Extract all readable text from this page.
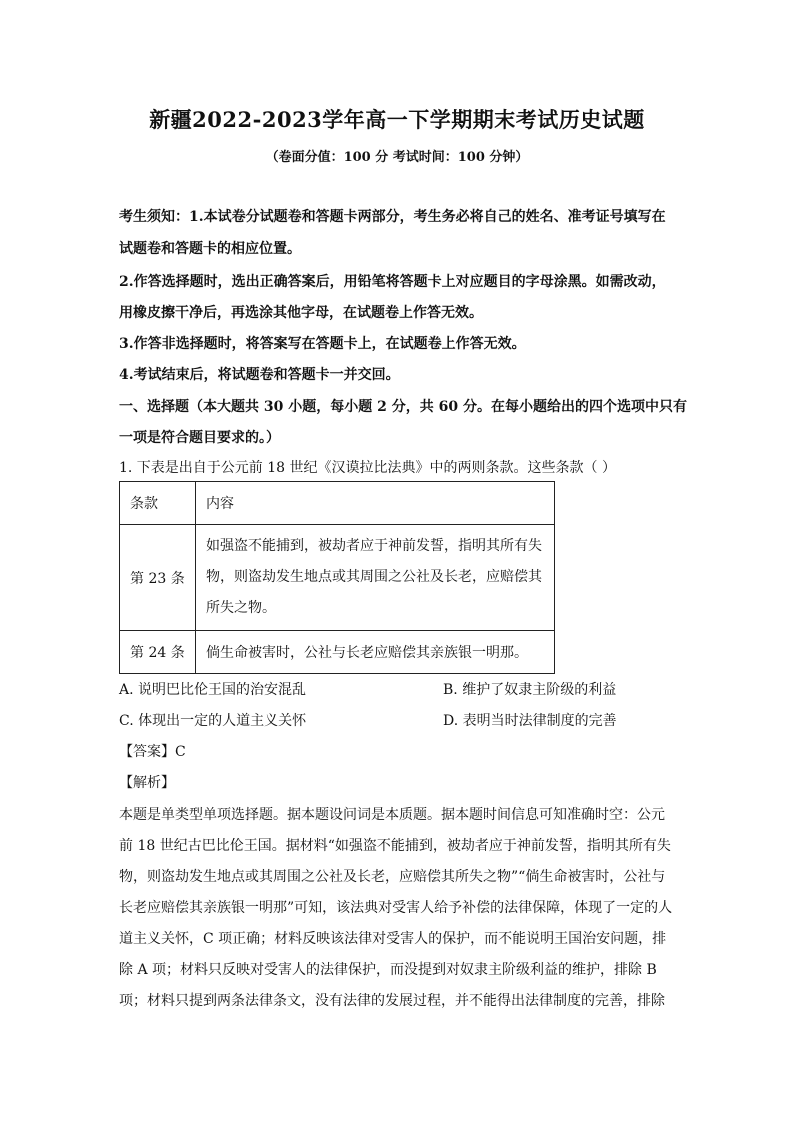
新疆2022-2023学年高一下学期期末考试历史试题
（卷面分值：100 分 考试时间：100 分钟）
考生须知：1.本试卷分试题卷和答题卡两部分，考生务必将自己的姓名、准考证号填写在
试题卷和答题卡的相应位置。
2.作答选择题时，选出正确答案后，用铅笔将答题卡上对应题目的字母涂黑。如需改动，
用橡皮擦干净后，再选涂其他字母，在试题卷上作答无效。
3.作答非选择题时，将答案写在答题卡上，在试题卷上作答无效。
4.考试结束后，将试题卷和答题卡一并交回。
一、选择题（本大题共 30 小题，每小题 2 分，共 60 分。在每小题给出的四个选项中只有
一项是符合题目要求的。）
1. 下表是出自于公元前 18 世纪《汉谟拉比法典》中的两则条款。这些条款（ ）
条款	内容
第 23 条	如强盗不能捕到，被劫者应于神前发誓，指明其所有失
物，则盗劫发生地点或其周围之公社及长老，应赔偿其
所失之物。

第 24 条	倘生命被害时，公社与长老应赔偿其亲族银一明那。
A. 说明巴比伦王国的治安混乱	B. 维护了奴隶主阶级的利益
C. 体现出一定的人道主义关怀	D. 表明当时法律制度的完善
【答案】C
【解析】
本题是单类型单项选择题。据本题设问词是本质题。据本题时间信息可知准确时空：公元
前 18 世纪古巴比伦王国。据材料“如强盗不能捕到，被劫者应于神前发誓，指明其所有失
物，则盗劫发生地点或其周围之公社及长老，应赔偿其所失之物”“倘生命被害时，公社与
长老应赔偿其亲族银一明那”可知，该法典对受害人给予补偿的法律保障，体现了一定的人
道主义关怀，C 项正确；材料反映该法律对受害人的保护，而不能说明王国治安问题，排
除 A 项；材料只反映对受害人的法律保护，而没提到对奴隶主阶级利益的维护，排除 B
项；材料只提到两条法律条文，没有法律的发展过程，并不能得出法律制度的完善，排除
